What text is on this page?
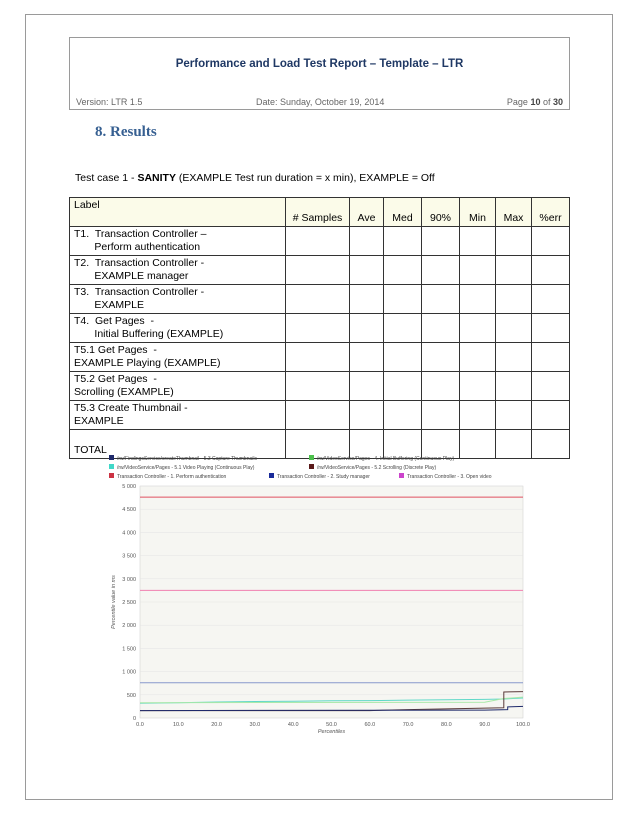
Performance and Load Test Report – Template – LTR
Version: LTR 1.5	Date: Sunday, October 19, 2014	Page 10 of 30
8. Results
Test case 1 - SANITY (EXAMPLE Test run duration = x min), EXAMPLE = Off
Label	# Samples	Ave	Med	90%	Min	Max	%err

T1.  Transaction Controller –
Perform authentication							

T2.  Transaction Controller -
EXAMPLE manager							

T3.  Transaction Controller -
EXAMPLE							

T4.  Get Pages  -
Initial Buffering (EXAMPLE)							

T5.1 Get Pages  -
EXAMPLE Playing (EXAMPLE)							

T5.2 Get Pages  -
Scrolling (EXAMPLE)							

T5.3 Create Thumbnail -
EXAMPLE							

TOTAL							

/rw/FindingsService/createThumbnail - 5.3 Capture Thumbnails	/rw/VideoService/Pages - 4. Initial Buffering (Continuous Play)
/rw/VideoService/Pages - 5.1 Video Playing (Continuous Play)	/rw/VideoService/Pages - 5.2 Scrolling (Discrete Play)
Transaction Controller - 1. Perform authentication	Transaction Controller - 2. Study manager	Transaction Controller - 3. Open video
0
500
1 000
1 500
2 000
2 500
3 000
3 500
4 000
4 500
5 000
0.0	10.0	20.0	30.0	40.0	50.0	60.0	70.0	80.0	90.0	100.0
Percentiles
Percentile value in ms
